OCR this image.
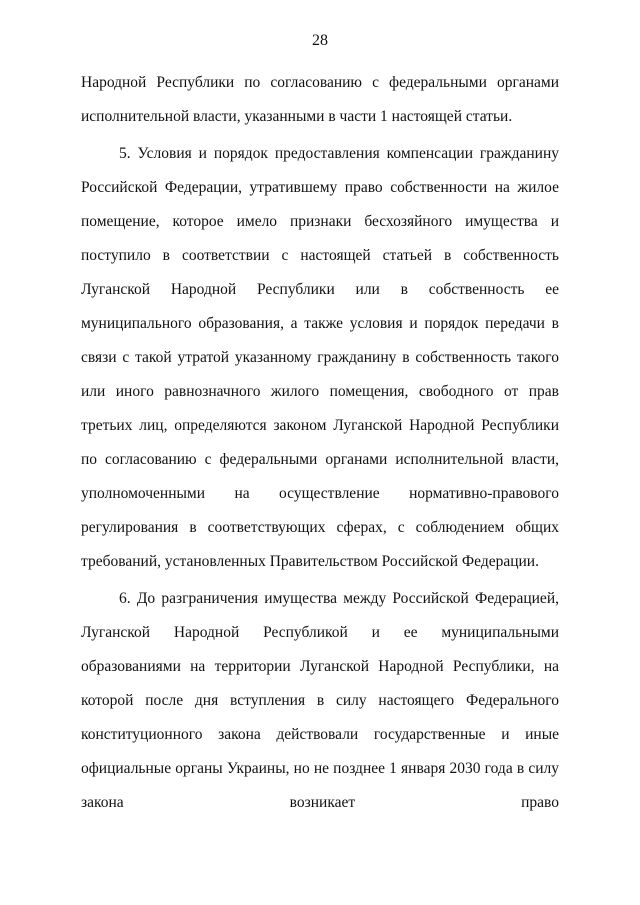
28

Народной Республики по согласованию с федеральными органами исполнительной власти, указанными в части 1 настоящей статьи.

5. Условия и порядок предоставления компенсации гражданину Российской Федерации, утратившему право собственности на жилое помещение, которое имело признаки бесхозяйного имущества и поступило в соответствии с настоящей статьей в собственность Луганской Народной Республики или в собственность ее муниципального образования, а также условия и порядок передачи в связи с такой утратой указанному гражданину в собственность такого или иного равнозначного жилого помещения, свободного от прав третьих лиц, определяются законом Луганской Народной Республики по согласованию с федеральными органами исполнительной власти, уполномоченными на осуществление нормативно-правового регулирования в соответствующих сферах, с соблюдением общих требований, установленных Правительством Российской Федерации.

6. До разграничения имущества между Российской Федерацией, Луганской Народной Республикой и ее муниципальными образованиями на территории Луганской Народной Республики, на которой после дня вступления в силу настоящего Федерального конституционного закона действовали государственные и иные официальные органы Украины, но не позднее 1 января 2030 года в силу закона возникает право
